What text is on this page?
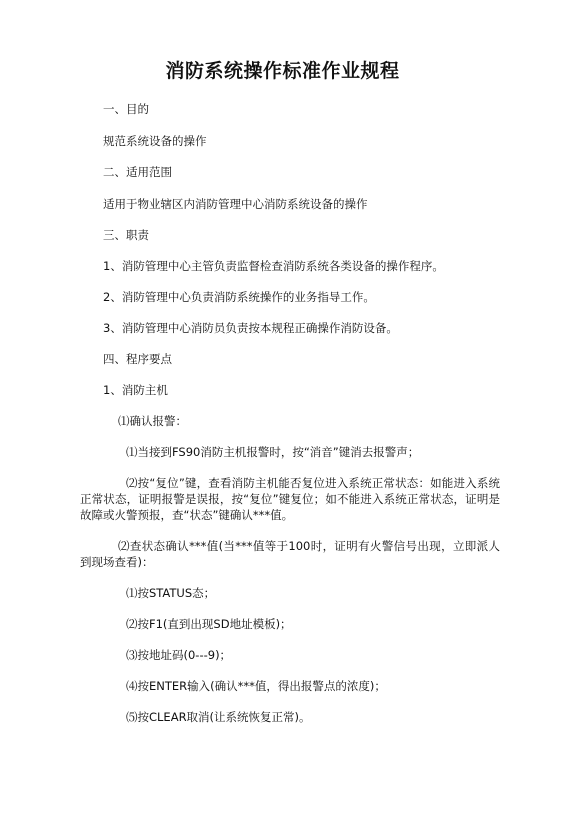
消防系统操作标准作业规程
一、目的
规范系统设备的操作
二、适用范围
适用于物业辖区内消防管理中心消防系统设备的操作
三、职责
1、消防管理中心主管负责监督检查消防系统各类设备的操作程序。
2、消防管理中心负责消防系统操作的业务指导工作。
3、消防管理中心消防员负责按本规程正确操作消防设备。
四、程序要点
1、消防主机
⑴确认报警：
⑴当接到FS90消防主机报警时，按“消音”键消去报警声；
⑵按“复位”键，查看消防主机能否复位进入系统正常状态：如能进入系统正常状态，证明报警是误报，按“复位”键复位；如不能进入系统正常状态，证明是故障或火警预报，查“状态”键确认***值。
⑵查状态确认***值(当***值等于100时，证明有火警信号出现，立即派人到现场查看)：
⑴按STATUS态；
⑵按F1(直到出现SD地址模板)；
⑶按地址码(0---9)；
⑷按ENTER输入(确认***值，得出报警点的浓度)；
⑸按CLEAR取消(让系统恢复正常)。
